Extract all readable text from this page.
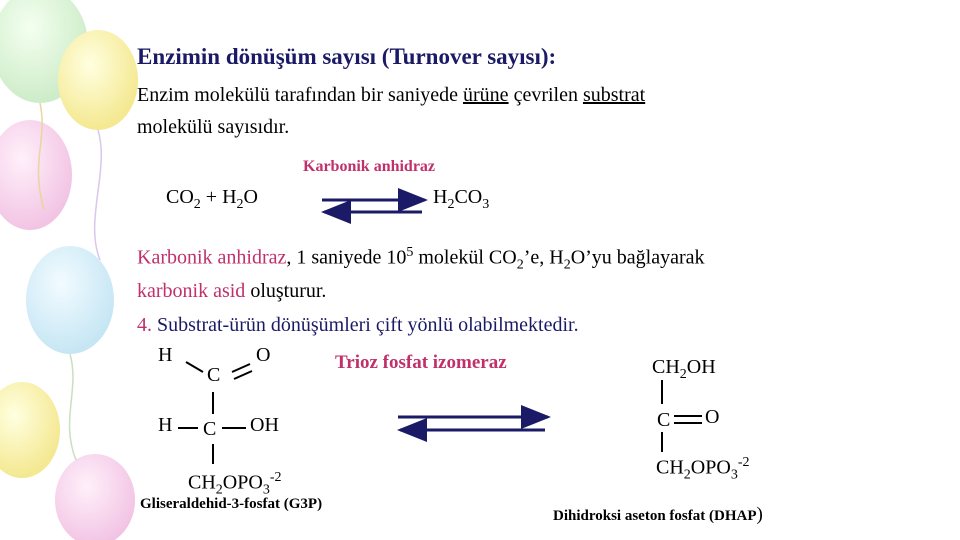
Enzimin dönüşüm sayısı (Turnover sayısı):
Enzim molekülü tarafından bir saniyede ürüne çevrilen substrat
molekülü sayısıdır.
Karbonik anhidraz
$CO_2 + H_2O$	$H_2CO_3$
Karbonik anhidraz, 1 saniyede $10^5$ molekül $CO_2’e$, $H_2O’yu$ bağlayarak
karbonik asid oluşturur.
4. Substrat-ürün dönüşümleri çift yönlü olabilmektedir.
Trioz fosfat izomeraz
H	O
C
H C OH
$CH_2OPO_3^{-2}$
Gliseraldehid-3-fosfat (G3P)
$CH_2OH$
C O
$CH_2OPO_3^{-2}$
Dihidroksi aseton fosfat (DHAP)
